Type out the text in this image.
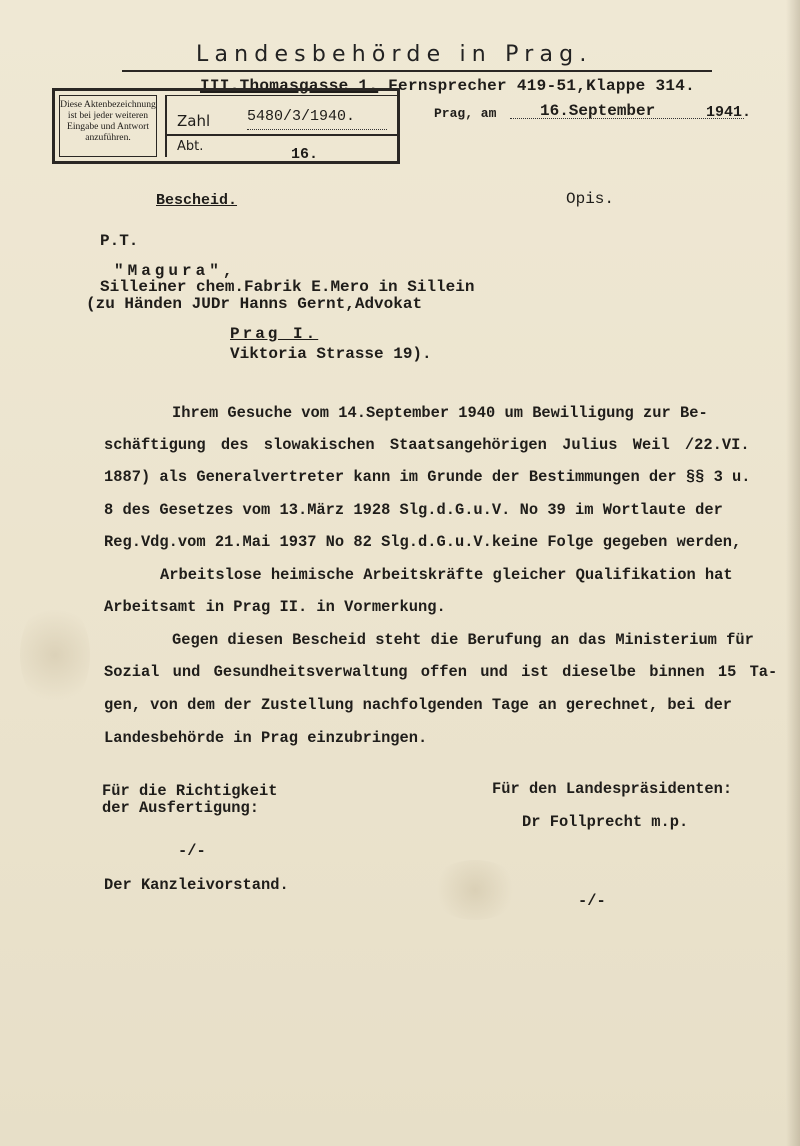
Landesbehörde in Prag.
III.Thomasgasse 1. Fernsprecher 419-51,Klappe 314.
Diese Aktenbezeichnung ist bei jeder weiteren Eingabe und Antwort anzuführen.
Zahl 5480/3/1940.
Abt.	16.
Prag, am	16.September	1941.
Bescheid.	Opis.
P.T.
"Magura",
Silleiner chem.Fabrik E.Mero in Sillein
(zu Händen JUDr Hanns Gernt,Advokat
Prag I.
Viktoria Strasse 19).
Ihrem Gesuche vom 14.September 1940 um Bewilligung zur Be-
schäftigung des slowakischen Staatsangehörigen Julius Weil /22.VI.
1887) als Generalvertreter kann im Grunde der Bestimmungen der §§ 3 u.
8 des Gesetzes vom 13.März 1928 Slg.d.G.u.V. No 39 im Wortlaute der
Reg.Vdg.vom 21.Mai 1937 No 82 Slg.d.G.u.V.keine Folge gegeben werden,
Arbeitslose heimische Arbeitskräfte gleicher Qualifikation hat
Arbeitsamt in Prag II. in Vormerkung.
Gegen diesen Bescheid steht die Berufung an das Ministerium für
Sozial und Gesundheitsverwaltung offen und ist dieselbe binnen 15 Ta-
gen, von dem der Zustellung nachfolgenden Tage an gerechnet, bei der
Landesbehörde in Prag einzubringen.
Für die Richtigkeit
der Ausfertigung:
Für den Landespräsidenten:
Dr Follprecht m.p.
-/-
Der Kanzleivorstand.
-/-
